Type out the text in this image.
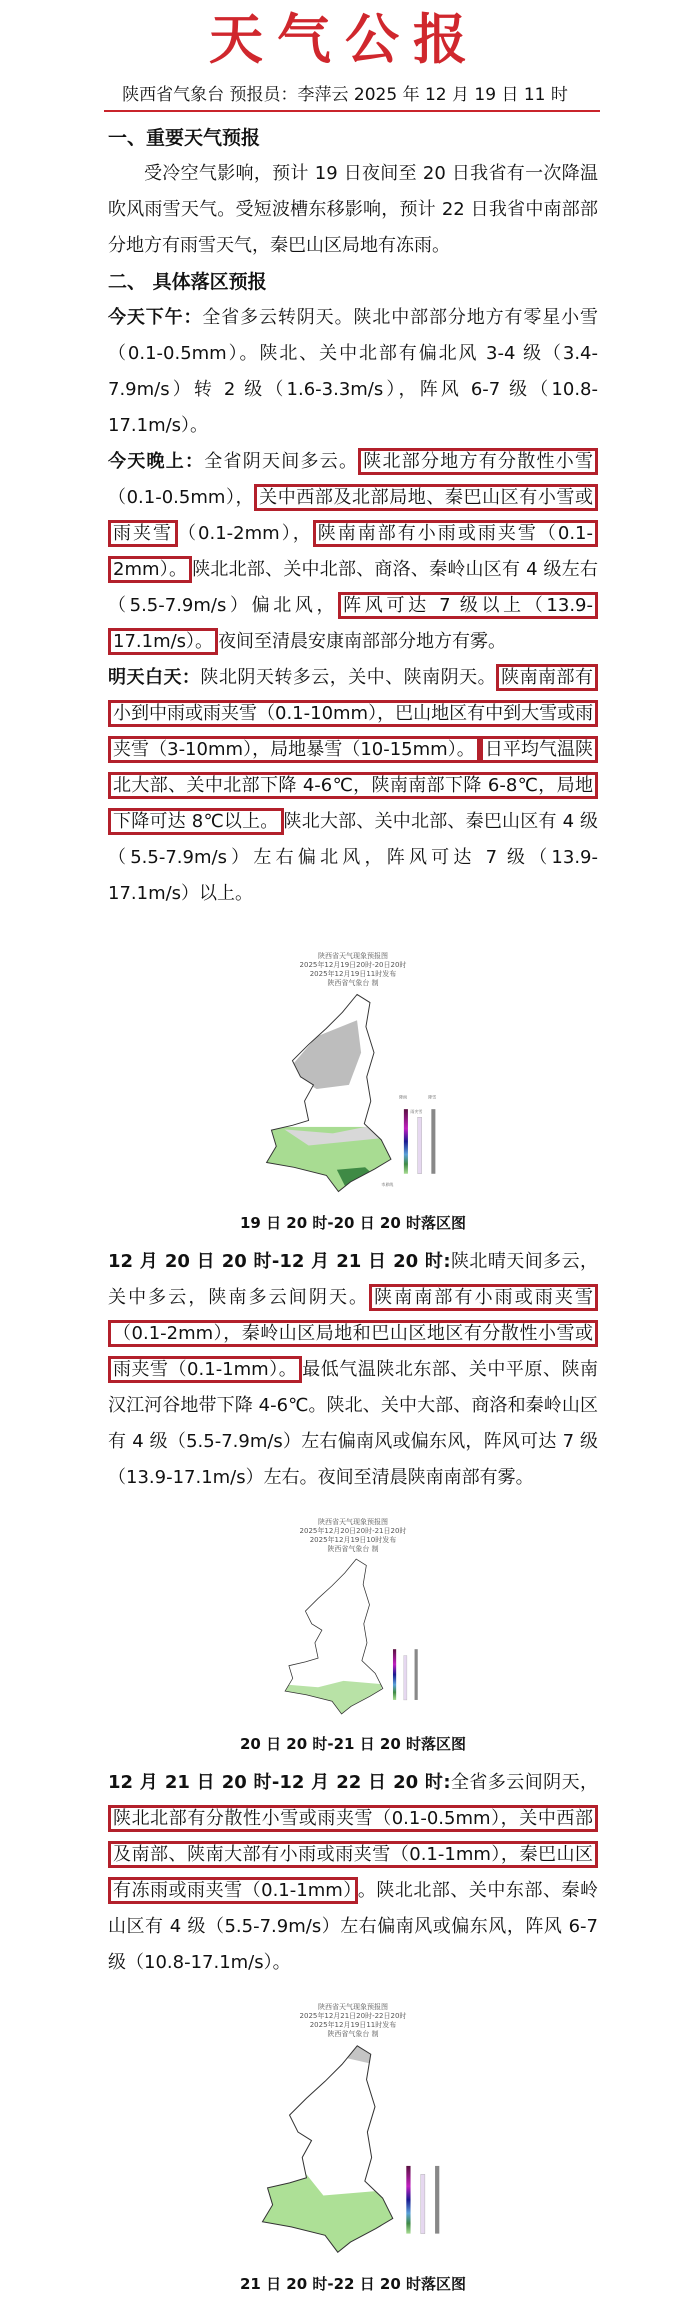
天气公报
陕西省气象台 预报员：李萍云 2025 年 12 月 19 日 11 时
一、重要天气预报
受冷空气影响，预计 19 日夜间至 20 日我省有一次降温吹风雨雪天气。受短波槽东移影响，预计 22 日我省中南部部分地方有雨雪天气，秦巴山区局地有冻雨。
二、 具体落区预报
今天下午：全省多云转阴天。陕北中部部分地方有零星小雪（0.1-0.5mm）。陕北、关中北部有偏北风 3-4 级（3.4-7.9m/s）转 2 级（1.6-3.3m/s），阵风 6-7 级（10.8-17.1m/s）。
今天晚上：全省阴天间多云。 陕北部分地方有分散性小雪（0.1-0.5mm）， 关中西部及北部局地、秦巴山区有小雪或雨夹雪 （0.1-2mm）， 陕南南部有小雨或雨夹雪（0.1-2mm）。 陕北北部、关中北部、商洛、秦岭山区有 4 级左右（5.5-7.9m/s）偏北风， 阵风可达 7 级以上（13.9-17.1m/s）。 夜间至清晨安康南部部分地方有雾。
明天白天：陕北阴天转多云，关中、陕南阴天。 陕南南部有小到中雨或雨夹雪（0.1-10mm），巴山地区有中到大雪或雨夹雪（3-10mm），局地暴雪（10-15mm）。 日平均气温陕北大部、关中北部下降 4-6℃，陕南南部下降 6-8℃，局地下降可达 8℃以上。 陕北大部、关中北部、秦巴山区有 4 级（5.5-7.9m/s）左右偏北风，阵风可达 7 级（13.9-17.1m/s）以上。
陕西省天气现象预报图
2025年12月19日20时-20日20时
2025年12月19日11时发布
陕西省气象台 制
降雨
雨夹雪
降雪
市界线
19 日 20 时-20 日 20 时落区图
12 月 20 日 20 时-12 月 21 日 20 时:陕北晴天间多云，关中多云，陕南多云间阴天。 陕南南部有小雨或雨夹雪（0.1-2mm），秦岭山区局地和巴山区地区有分散性小雪或雨夹雪（0.1-1mm）。 最低气温陕北东部、关中平原、陕南汉江河谷地带下降 4-6℃。陕北、关中大部、商洛和秦岭山区有 4 级（5.5-7.9m/s）左右偏南风或偏东风，阵风可达 7 级（13.9-17.1m/s）左右。夜间至清晨陕南南部有雾。
陕西省天气现象预报图
2025年12月20日20时-21日20时
2025年12月19日10时发布
陕西省气象台 制
20 日 20 时-21 日 20 时落区图
12 月 21 日 20 时-12 月 22 日 20 时:全省多云间阴天，陕北北部有分散性小雪或雨夹雪（0.1-0.5mm），关中西部及南部、陕南大部有小雨或雨夹雪（0.1-1mm），秦巴山区有冻雨或雨夹雪（0.1-1mm） 。陕北北部、关中东部、秦岭山区有 4 级（5.5-7.9m/s）左右偏南风或偏东风，阵风 6-7 级（10.8-17.1m/s）。
陕西省天气现象预报图
2025年12月21日20时-22日20时
2025年12月19日11时发布
陕西省气象台 制
21 日 20 时-22 日 20 时落区图
